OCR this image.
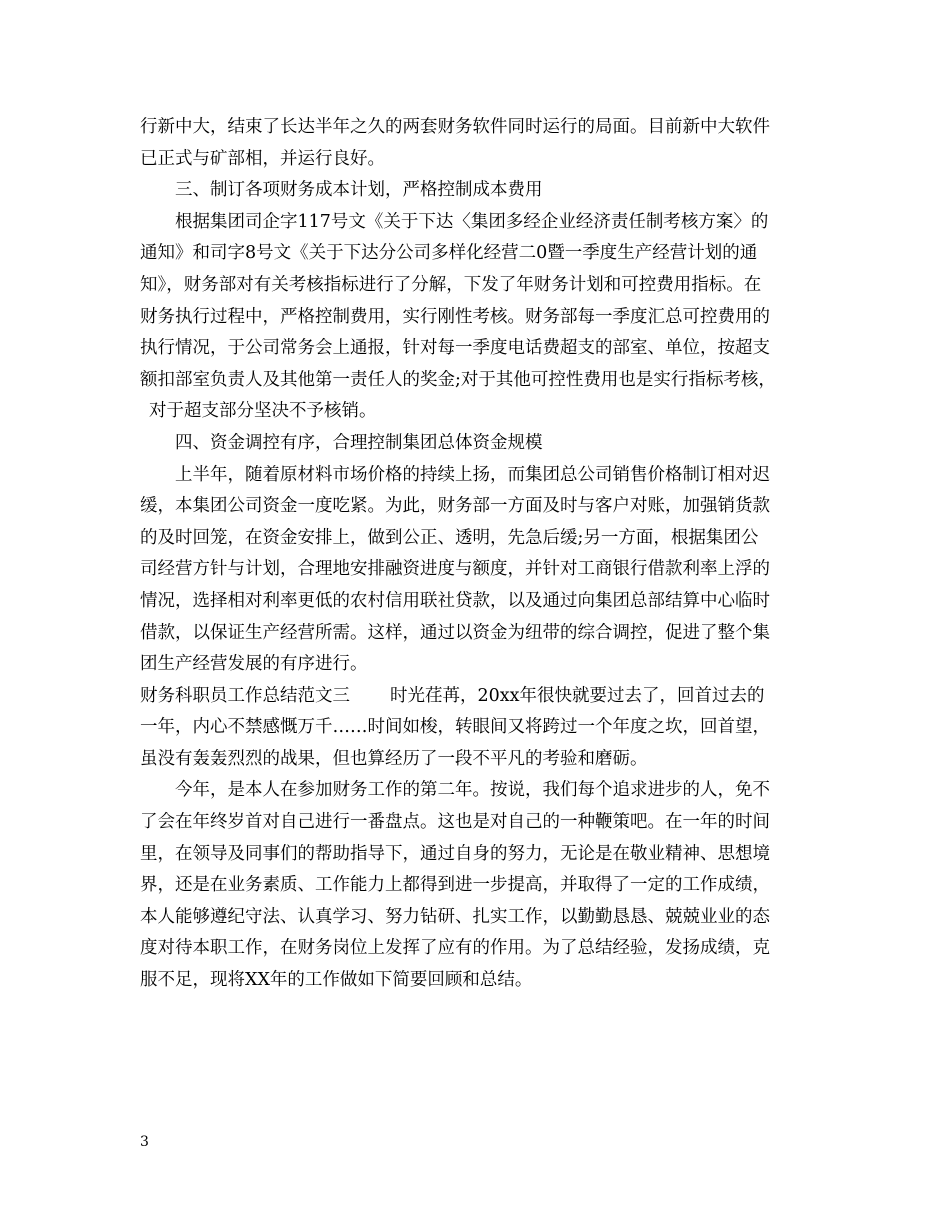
行新中大，结束了长达半年之久的两套财务软件同时运行的局面。目前新中大软件
已正式与矿部相，并运行良好。
三、制订各项财务成本计划，严格控制成本费用
根据集团司企字117号文《关于下达〈集团多经企业经济责任制考核方案〉的
通知》和司字8号文《关于下达分公司多样化经营二0暨一季度生产经营计划的通
知》，财务部对有关考核指标进行了分解，下发了年财务计划和可控费用指标。在
财务执行过程中，严格控制费用，实行刚性考核。财务部每一季度汇总可控费用的
执行情况，于公司常务会上通报，针对每一季度电话费超支的部室、单位，按超支
额扣部室负责人及其他第一责任人的奖金;对于其他可控性费用也是实行指标考核，
对于超支部分坚决不予核销。
四、资金调控有序，合理控制集团总体资金规模
上半年，随着原材料市场价格的持续上扬，而集团总公司销售价格制订相对迟
缓，本集团公司资金一度吃紧。为此，财务部一方面及时与客户对账，加强销货款
的及时回笼，在资金安排上，做到公正、透明，先急后缓;另一方面，根据集团公
司经营方针与计划，合理地安排融资进度与额度，并针对工商银行借款利率上浮的
情况，选择相对利率更低的农村信用联社贷款，以及通过向集团总部结算中心临时
借款，以保证生产经营所需。这样，通过以资金为纽带的综合调控，促进了整个集
团生产经营发展的有序进行。
财务科职员工作总结范文三 时光荏苒，20xx年很快就要过去了，回首过去的
一年，内心不禁感慨万千……时间如梭，转眼间又将跨过一个年度之坎，回首望，
虽没有轰轰烈烈的战果，但也算经历了一段不平凡的考验和磨砺。
今年，是本人在参加财务工作的第二年。按说，我们每个追求进步的人，免不
了会在年终岁首对自己进行一番盘点。这也是对自己的一种鞭策吧。在一年的时间
里，在领导及同事们的帮助指导下，通过自身的努力，无论是在敬业精神、思想境
界，还是在业务素质、工作能力上都得到进一步提高，并取得了一定的工作成绩，
本人能够遵纪守法、认真学习、努力钻研、扎实工作，以勤勤恳恳、兢兢业业的态
度对待本职工作，在财务岗位上发挥了应有的作用。为了总结经验，发扬成绩，克
服不足，现将XX年的工作做如下简要回顾和总结。
3
